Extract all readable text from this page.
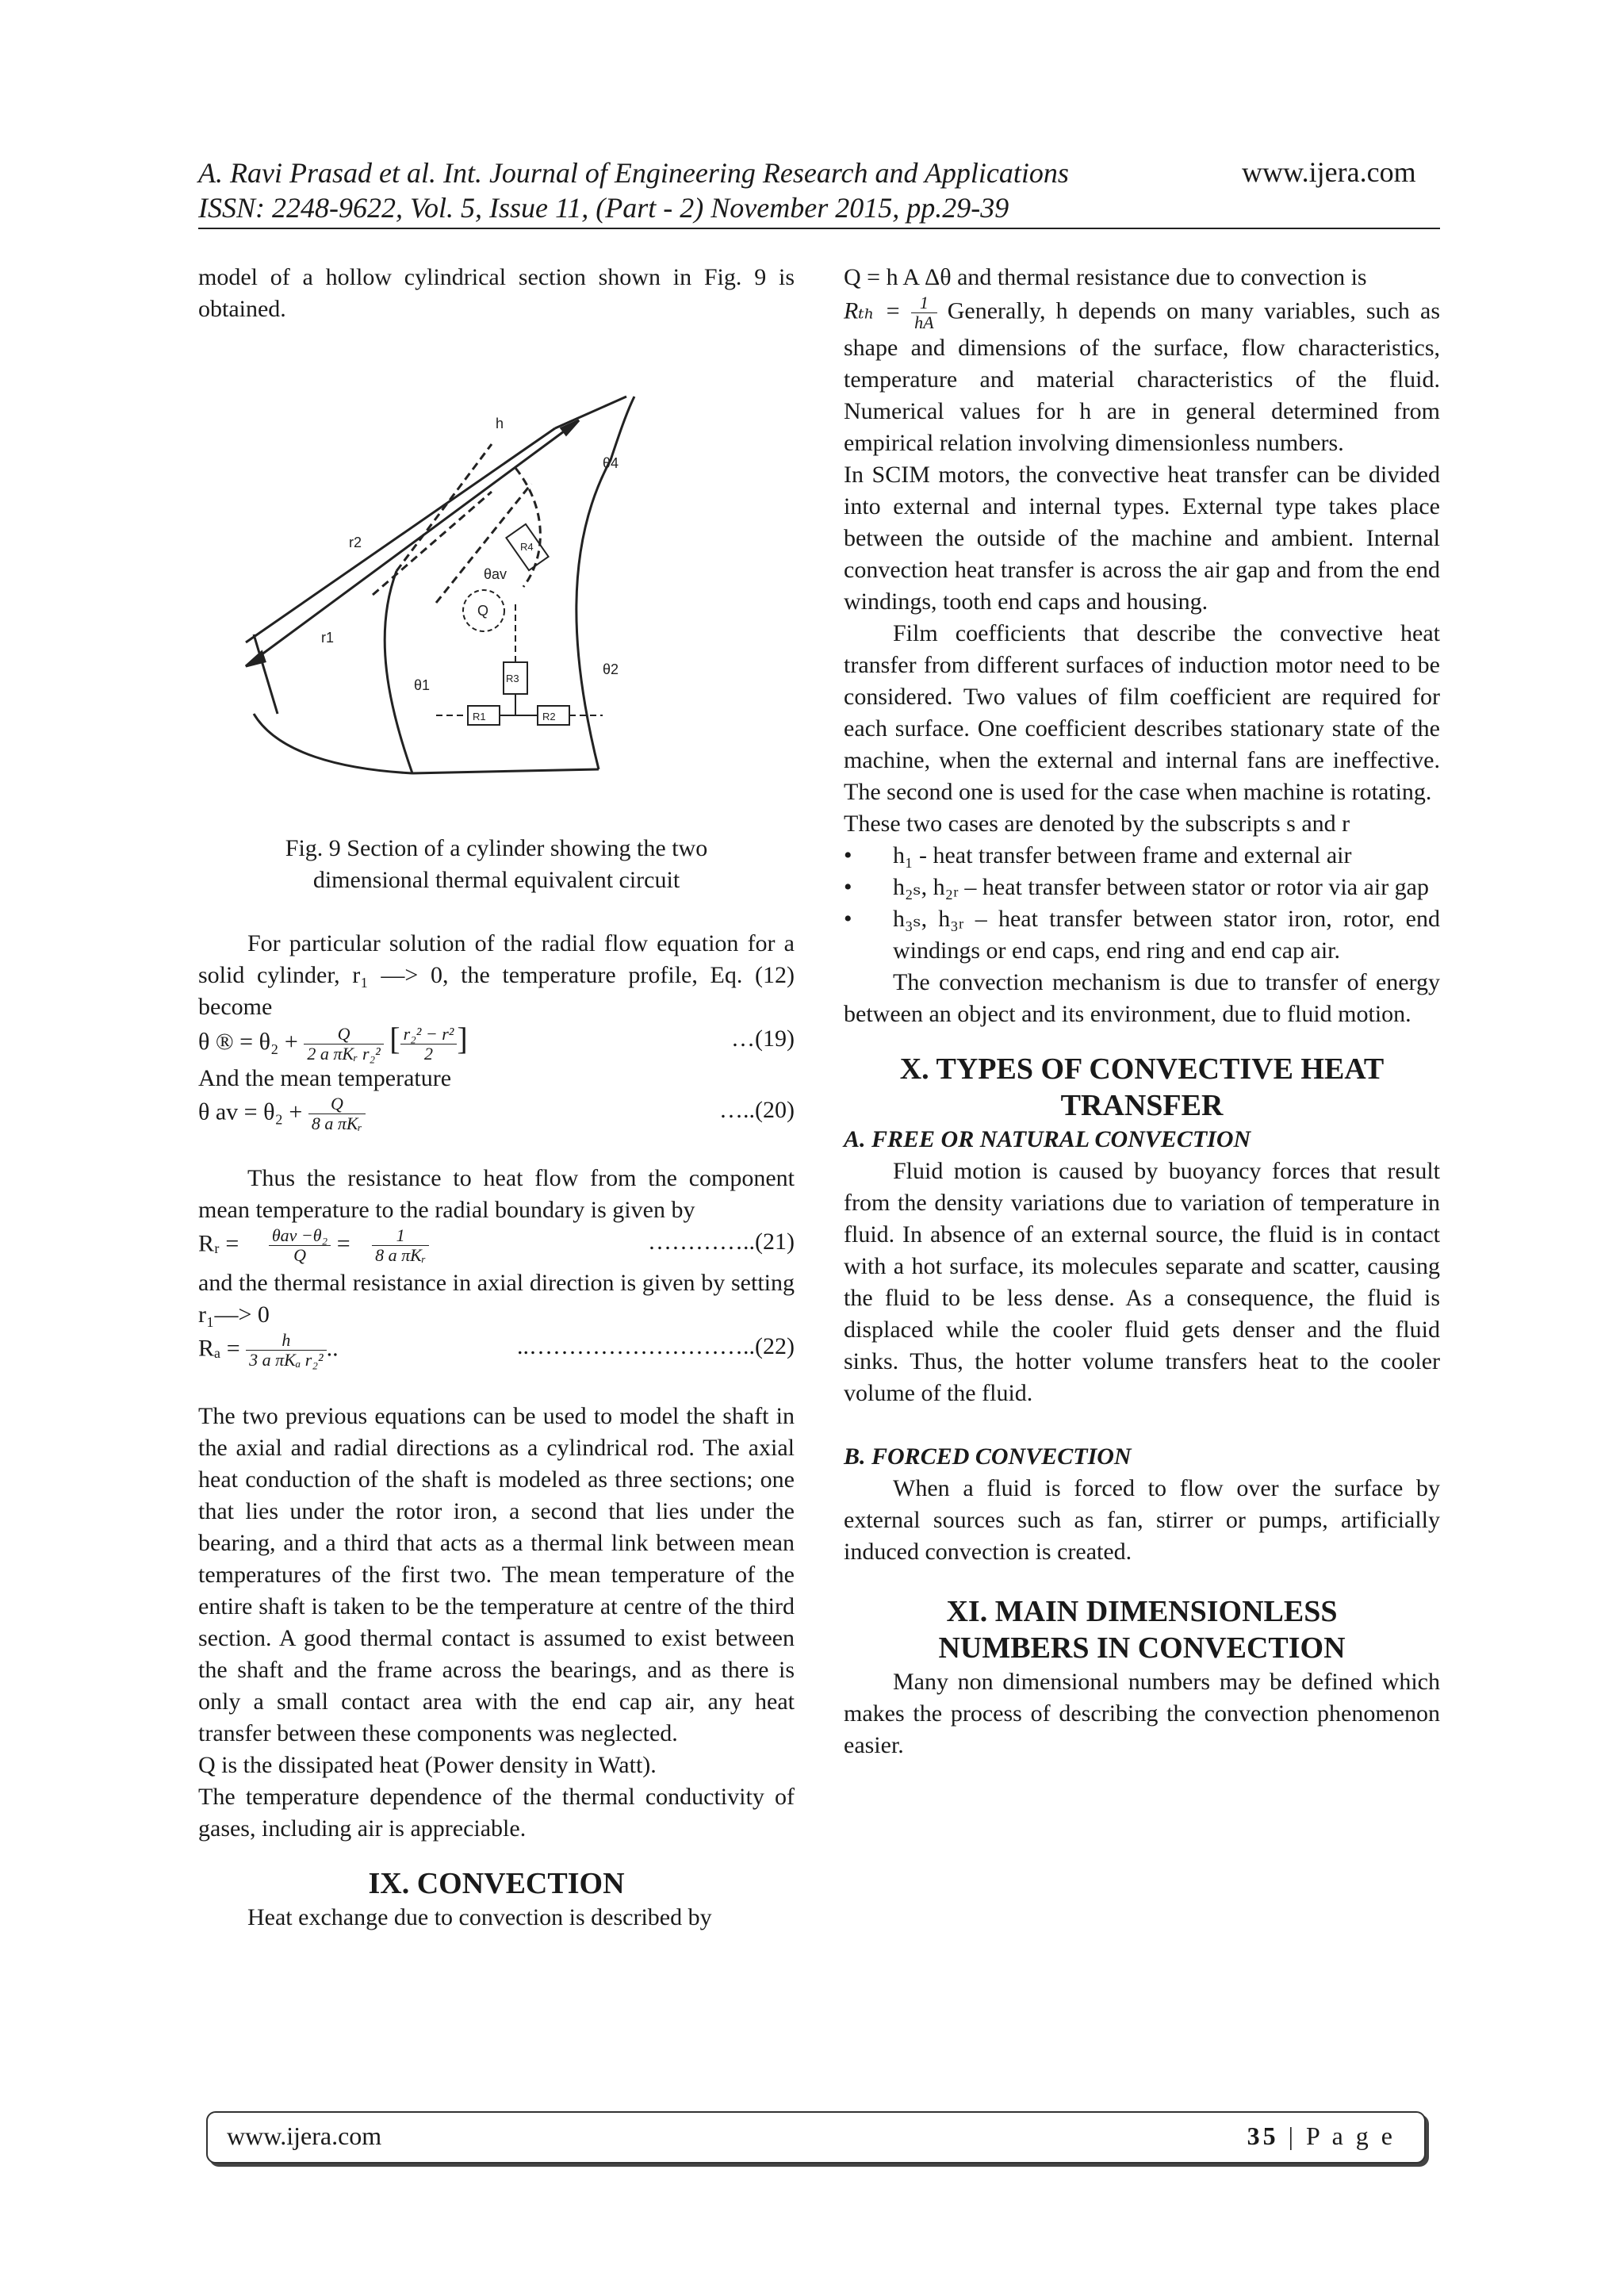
A. Ravi Prasad et al. Int. Journal of Engineering Research and Applications
ISSN: 2248-9622, Vol. 5, Issue 11, (Part - 2) November 2015, pp.29-39
www.ijera.com

model of a hollow cylindrical section shown in Fig. 9 is obtained.

Fig. 9 Section of a cylinder showing the two

dimensional thermal equivalent circuit

For particular solution of the radial flow equation for a solid cylinder, r₁ —> 0, the temperature profile, Eq. (12) become

θ ® = $\theta_2 + \frac{Q}{\text{2 a πKᵣ r₂²}}$ [ $\frac{\text{r₂² − r²}}{2}$ ]	…(19)

And the mean temperature

θ av = $\theta_2 + \frac{Q}{\text{8 a πKᵣ}}$	…..(20)

Thus the resistance to heat flow from the component mean temperature to the radial boundary is given by

Rᵣ = $\frac{\text{θav −θ₂}}{Q} = \frac{1}{\text{8 a πKᵣ}}$	…………..(21)

and the thermal resistance in axial direction is given by setting r₁—> 0

$R_a = \frac{h}{\text{3 a πKₐ r₂²}}$ ..	..………………………..(22)

The two previous equations can be used to model the shaft in the axial and radial directions as a cylindrical rod. The axial heat conduction of the shaft is modeled as three sections; one that lies under the rotor iron, a second that lies under the bearing, and a third that acts as a thermal link between mean temperatures of the first two. The mean temperature of the entire shaft is taken to be the temperature at centre of the third section. A good thermal contact is assumed to exist between the shaft and the frame across the bearings, and as there is only a small contact area with the end cap air, any heat transfer between these components was neglected.

Q is the dissipated heat (Power density in Watt).

The temperature dependence of the thermal conductivity of gases, including air is appreciable.

IX. CONVECTION

Heat exchange due to convection is described by

h
r2
r1
θ4
θav
Q
θ1
θ2
R1	R2
R3
R4

Q = h A Δθ and thermal resistance due to convection is

$R_{th} = \frac{1}{hA}$ Generally, h depends on many variables, such as shape and dimensions of the surface, flow characteristics, temperature and material characteristics of the fluid. Numerical values for h are in general determined from empirical relation involving dimensionless numbers.

In SCIM motors, the convective heat transfer can be divided into external and internal types. External type takes place between the outside of the machine and ambient. Internal convection heat transfer is across the air gap and from the end windings, tooth end caps and housing.

Film coefficients that describe the convective heat transfer from different surfaces of induction motor need to be considered. Two values of film coefficient are required for each surface. One coefficient describes stationary state of the machine, when the external and internal fans are ineffective. The second one is used for the case when machine is rotating.

These two cases are denoted by the subscripts s and r

• h₁ - heat transfer between frame and external air
• h₂ₛ, h₂ᵣ – heat transfer between stator or rotor via air gap
• h₃ₛ, h₃ᵣ – heat transfer between stator iron, rotor, end windings or end caps, end ring and end cap air.

The convection mechanism is due to transfer of energy between an object and its environment, due to fluid motion.

X. TYPES OF CONVECTIVE HEAT

TRANSFER

A. FREE OR NATURAL CONVECTION

Fluid motion is caused by buoyancy forces that result from the density variations due to variation of temperature in fluid. In absence of an external source, the fluid is in contact with a hot surface, its molecules separate and scatter, causing the fluid to be less dense. As a consequence, the fluid is displaced while the cooler fluid gets denser and the fluid sinks. Thus, the hotter volume transfers heat to the cooler volume of the fluid.

B. FORCED CONVECTION

When a fluid is forced to flow over the surface by external sources such as fan, stirrer or pumps, artificially induced convection is created.

XI. MAIN DIMENSIONLESS

NUMBERS IN CONVECTION

Many non dimensional numbers may be defined which makes the process of describing the convection phenomenon easier.

www.ijera.com	35 | P a g e
